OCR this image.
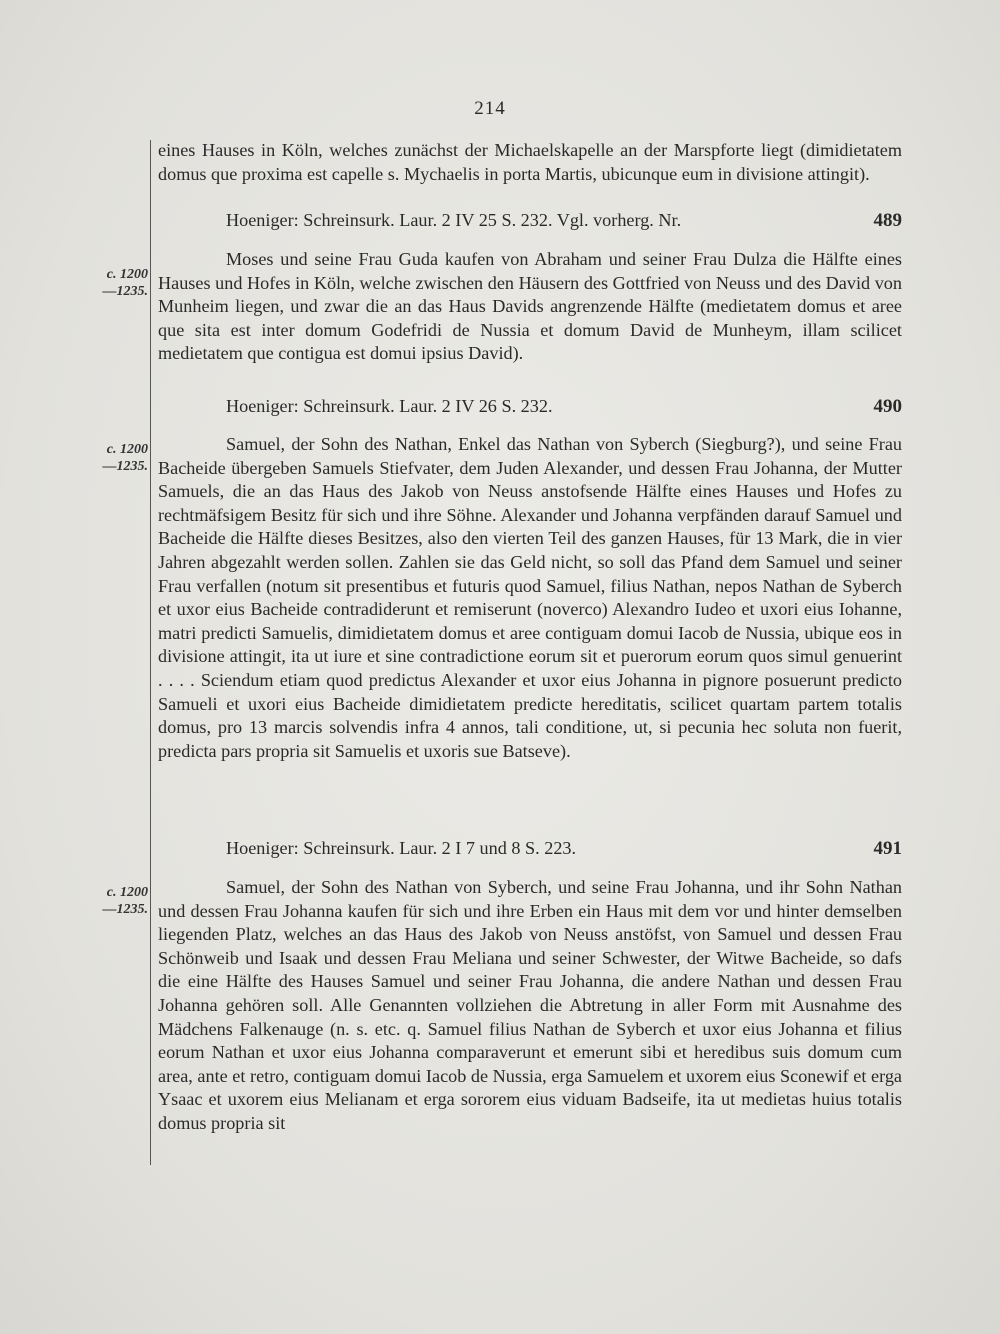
214

eines Hauses in Köln, welches zunächst der Michaelskapelle an der Marspforte liegt (dimidietatem domus que proxima est capelle s. Mychaelis in porta Martis, ubicunque eum in divisione attingit).

Hoeniger: Schreinsurk. Laur. 2 IV 25 S. 232. Vgl. vorherg. Nr.	489
c. 1200
—1235.

Moses und seine Frau Guda kaufen von Abraham und seiner Frau Dulza die Hälfte eines Hauses und Hofes in Köln, welche zwischen den Häusern des Gottfried von Neuss und des David von Munheim liegen, und zwar die an das Haus Davids angrenzende Hälfte (medietatem domus et aree que sita est inter domum Godefridi de Nussia et domum David de Munheym, illam scilicet medietatem que contigua est domui ipsius David).

Hoeniger: Schreinsurk. Laur. 2 IV 26 S. 232.	490
c. 1200
—1235.

Samuel, der Sohn des Nathan, Enkel das Nathan von Syberch (Siegburg?), und seine Frau Bacheide übergeben Samuels Stiefvater, dem Juden Alexander, und dessen Frau Johanna, der Mutter Samuels, die an das Haus des Jakob von Neuss anstofsende Hälfte eines Hauses und Hofes zu rechtmäfsigem Besitz für sich und ihre Söhne. Alexander und Johanna verpfänden darauf Samuel und Bacheide die Hälfte dieses Besitzes, also den vierten Teil des ganzen Hauses, für 13 Mark, die in vier Jahren abgezahlt werden sollen. Zahlen sie das Geld nicht, so soll das Pfand dem Samuel und seiner Frau verfallen (notum sit presentibus et futuris quod Samuel, filius Nathan, nepos Nathan de Syberch et uxor eius Bacheide contradiderunt et remiserunt (noverco) Alexandro Iudeo et uxori eius Iohanne, matri predicti Samuelis, dimidietatem domus et aree contiguam domui Iacob de Nussia, ubique eos in divisione attingit, ita ut iure et sine contradictione eorum sit et puerorum eorum quos simul genuerint . . . . Sciendum etiam quod predictus Alexander et uxor eius Johanna in pignore posuerunt predicto Samueli et uxori eius Bacheide dimidietatem predicte hereditatis, scilicet quartam partem totalis domus, pro 13 marcis solvendis infra 4 annos, tali conditione, ut, si pecunia hec soluta non fuerit, predicta pars propria sit Samuelis et uxoris sue Batseve).

Hoeniger: Schreinsurk. Laur. 2 I 7 und 8 S. 223.	491
c. 1200
—1235.

Samuel, der Sohn des Nathan von Syberch, und seine Frau Johanna, und ihr Sohn Nathan und dessen Frau Johanna kaufen für sich und ihre Erben ein Haus mit dem vor und hinter demselben liegenden Platz, welches an das Haus des Jakob von Neuss anstöfst, von Samuel und dessen Frau Schönweib und Isaak und dessen Frau Meliana und seiner Schwester, der Witwe Bacheide, so dafs die eine Hälfte des Hauses Samuel und seiner Frau Johanna, die andere Nathan und dessen Frau Johanna gehören soll. Alle Genannten vollziehen die Abtretung in aller Form mit Ausnahme des Mädchens Falkenauge (n. s. etc. q. Samuel filius Nathan de Syberch et uxor eius Johanna et filius eorum Nathan et uxor eius Johanna comparaverunt et emerunt sibi et heredibus suis domum cum area, ante et retro, contiguam domui Iacob de Nussia, erga Samuelem et uxorem eius Sconewif et erga Ysaac et uxorem eius Melianam et erga sororem eius viduam Badseife, ita ut medietas huius totalis domus propria sit
